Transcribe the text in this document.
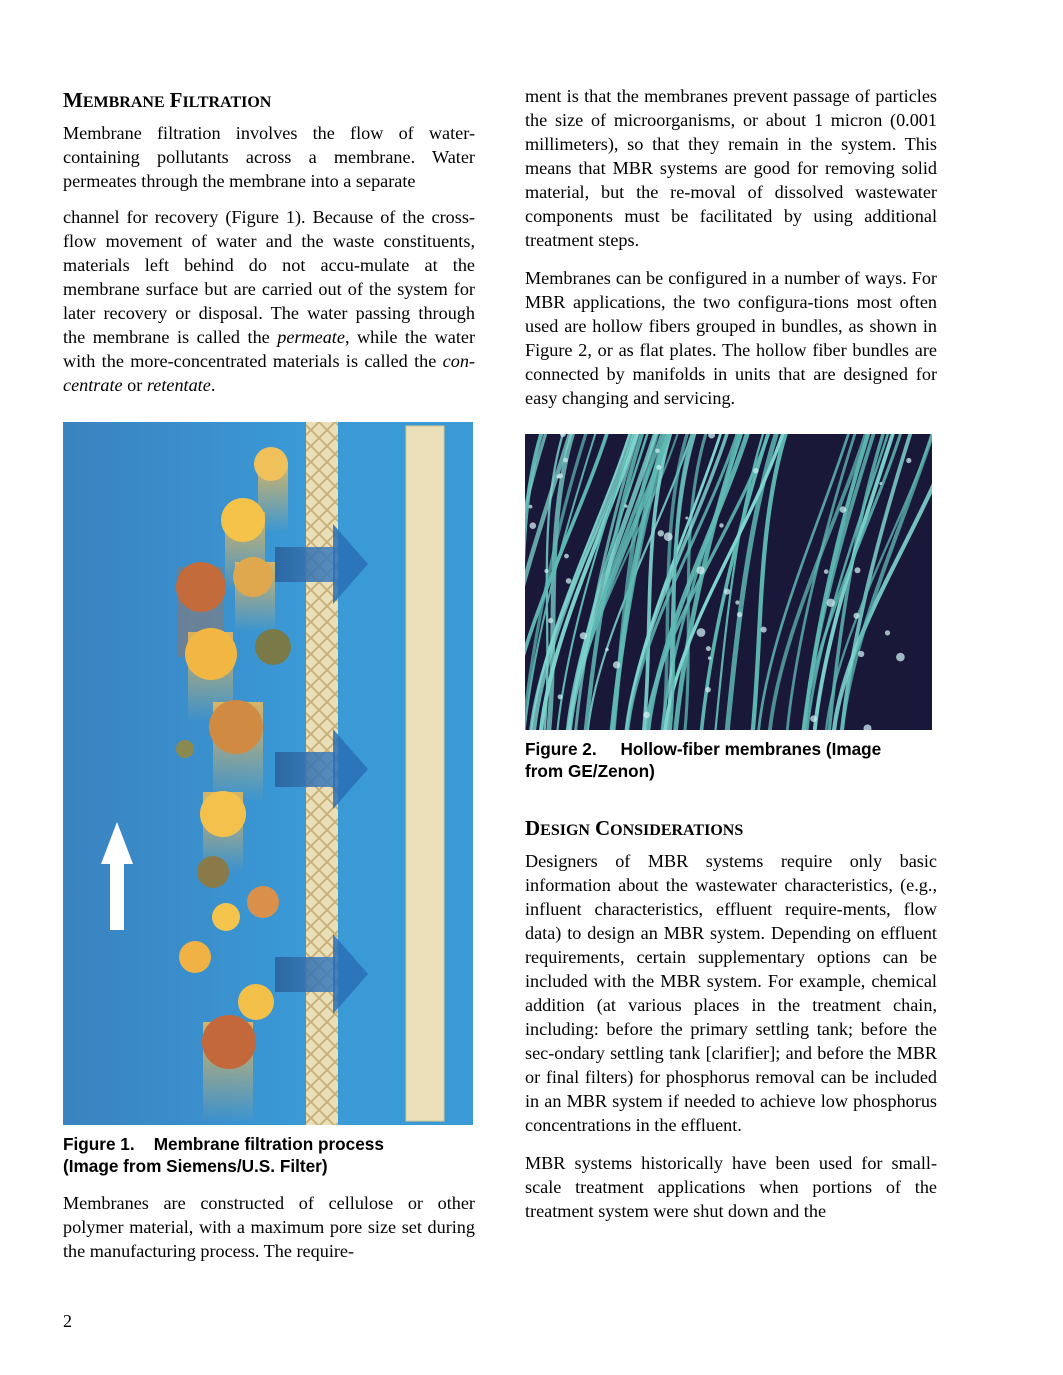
MEMBRANE FILTRATION

Membrane filtration involves the flow of water-containing pollutants across a membrane. Water permeates through the membrane into a separate

channel for recovery (Figure 1). Because of the cross-flow movement of water and the waste constituents, materials left behind do not accu-mulate at the membrane surface but are carried out of the system for later recovery or disposal. The water passing through the membrane is called the permeate, while the water with the more-concentrated materials is called the con-centrate or retentate.

Figure 1.    Membrane filtration process
(Image from Siemens/U.S. Filter)

Membranes are constructed of cellulose or other polymer material, with a maximum pore size set during the manufacturing process. The require-

ment is that the membranes prevent passage of particles the size of microorganisms, or about 1 micron (0.001 millimeters), so that they remain in the system. This means that MBR systems are good for removing solid material, but the re-moval of dissolved wastewater components must be facilitated by using additional treatment steps.

Membranes can be configured in a number of ways. For MBR applications, the two configura-tions most often used are hollow fibers grouped in bundles, as shown in Figure 2, or as flat plates. The hollow fiber bundles are connected by manifolds in units that are designed for easy changing and servicing.

Figure 2.     Hollow-fiber membranes (Image
from GE/Zenon)

DESIGN CONSIDERATIONS

Designers of MBR systems require only basic information about the wastewater characteristics, (e.g., influent characteristics, effluent require-ments, flow data) to design an MBR system. Depending on effluent requirements, certain supplementary options can be included with the MBR system. For example, chemical addition (at various places in the treatment chain, including: before the primary settling tank; before the sec-ondary settling tank [clarifier]; and before the MBR or final filters) for phosphorus removal can be included in an MBR system if needed to achieve low phosphorus concentrations in the effluent.

MBR systems historically have been used for small-scale treatment applications when portions of the treatment system were shut down and the

2
